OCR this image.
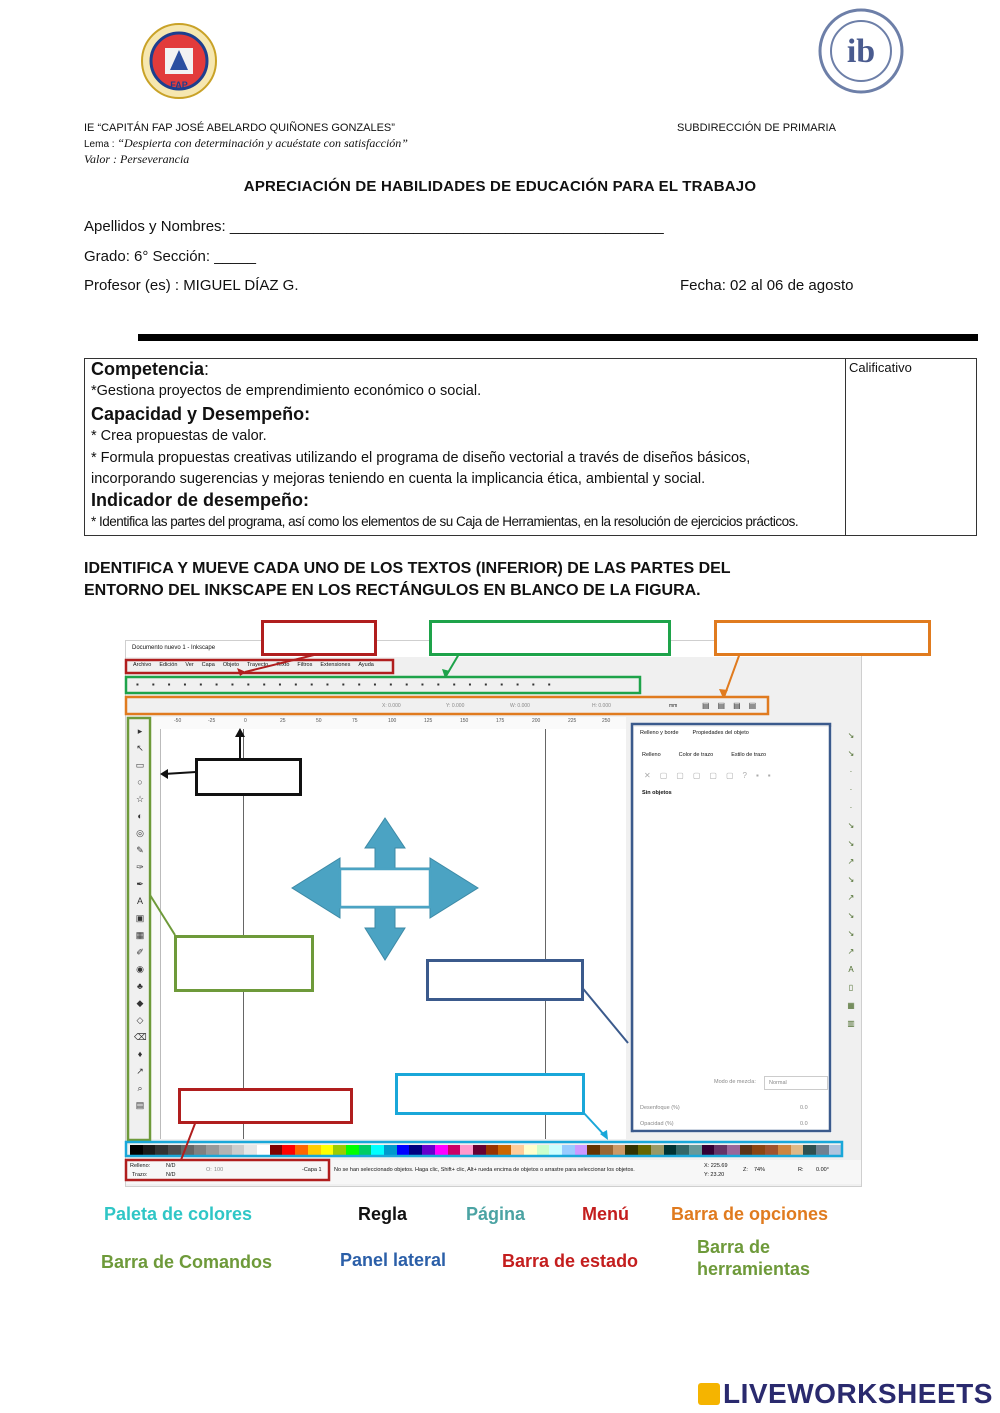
FAP
ib
IE “CAPITÁN FAP JOSÉ ABELARDO QUIÑONES GONZALES”	SUBDIRECCIÓN DE PRIMARIA
Lema : “Despierta con determinación y acuéstate con satisfacción”
Valor : Perseverancia
APRECIACIÓN DE HABILIDADES DE EDUCACIÓN PARA EL TRABAJO
Apellidos y Nombres: ____________________________________________________
Grado: 6° Sección: _____
Profesor (es) : MIGUEL DÍAZ G.	Fecha: 02 al 06 de agosto
Calificativo
Competencia:
*Gestiona proyectos de emprendimiento económico o social.
Capacidad y Desempeño:
* Crea propuestas de valor.
* Formula propuestas creativas utilizando el programa de diseño vectorial a través de diseños básicos,
incorporando sugerencias y mejoras teniendo en cuenta la implicancia ética, ambiental y social.
Indicador de desempeño:
* Identifica las partes del programa, así como los elementos de su Caja de Herramientas, en la resolución de ejercicios prácticos.
IDENTIFICA Y MUEVE CADA UNO DE LOS TEXTOS (INFERIOR) DE LAS PARTES DEL
ENTORNO DEL INKSCAPE EN LOS RECTÁNGULOS EN BLANCO DE LA FIGURA.
Documento nuevo 1 - Inkscape
Archivo Edición Ver Capa Objeto Trayecto Texto Filtros Extensiones Ayuda
▪▪▪▪▪▪▪▪▪▪▪▪▪▪▪▪▪▪▪▪▪▪▪▪▪▪▪
X: 0.000	Y: 0.000	W: 0.000	H: 0.000	mm	▤▤▤▤
-50	-25	0	25	50	75	100	125	150	175	200	225	250
▸
↖
▭
○
☆
◐
◎
✎
✑
✒
A
▣
▦
✐
◉
♣
◆
◇
⌫
♦
↗
⌕
▤
Relleno y borde	Propiedades del objeto
Relleno	Color de trazo	Estilo de trazo
✕▢▢▢▢▢?▪▪
Sin objetos
Modo de mezcla:	Normal
Desenfoque (%)	0.0
Opacidad (%)	0.0
↘
↘
·
·
·
↘
↘
↗
↘
↗
↘
↘
↗
A
▯
▦
▥
Relleno:
Trazo:
N/D
N/D
O: 100	-Capa 1 No se han seleccionado objetos. Haga clic, Shift+ clic, Alt+ rueda encima de objetos o arrastre para seleccionar los objetos.
X: 225.69
Y: 23.20
Z: 74%	R: 0.00°
Paleta de colores	Regla	Página	Menú Barra de opciones
Barra de Comandos	Panel lateral	Barra de estado
Barra de
herramientas
LIVEWORKSHEETS
